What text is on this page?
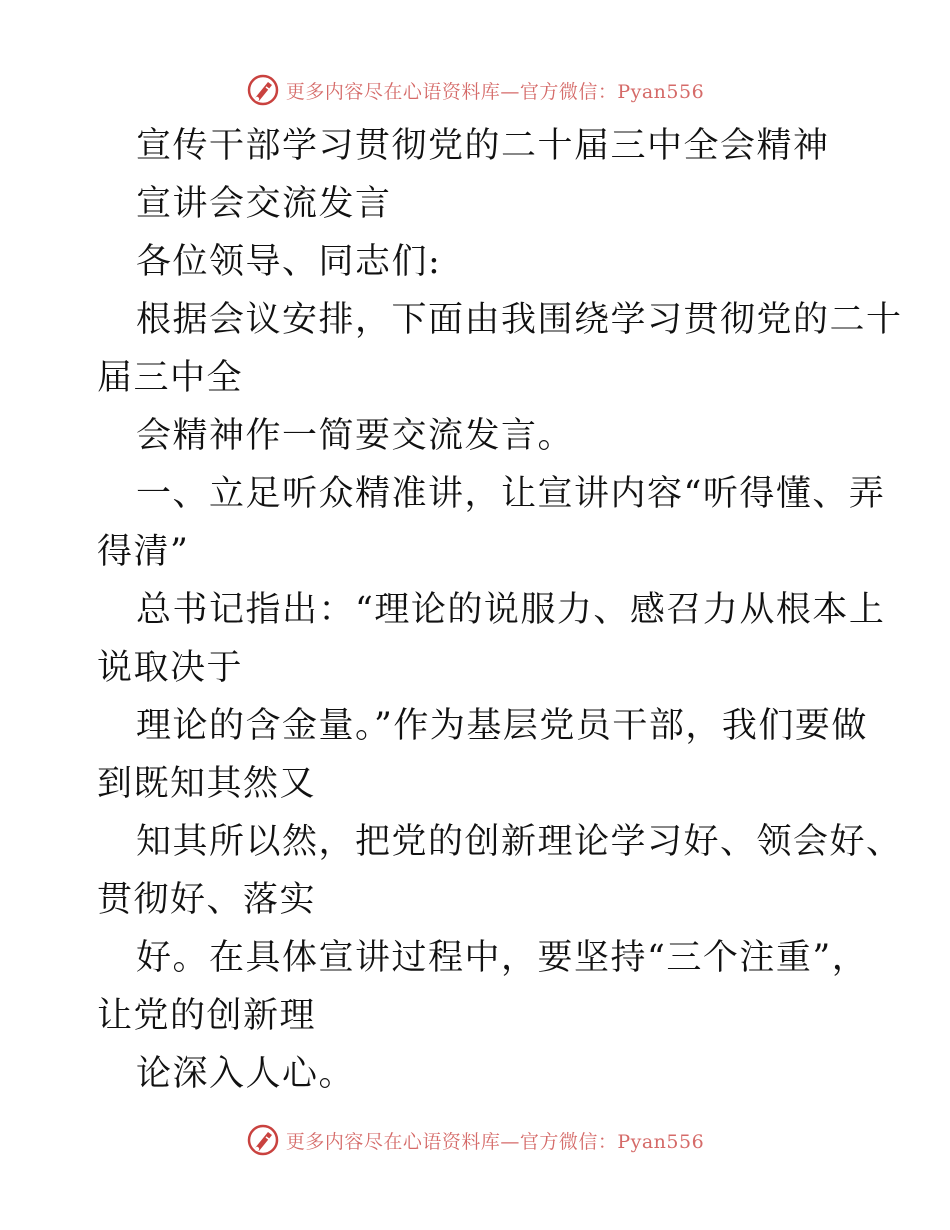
更多内容尽在心语资料库—官方微信：Pyan556
宣传干部学习贯彻党的二十届三中全会精神
宣讲会交流发言
各位领导、同志们:
根据会议安排，下面由我围绕学习贯彻党的二十
届三中全
会精神作一简要交流发言。
一、立足听众精准讲，让宣讲内容“听得懂、弄
得清”
总书记指出：“理论的说服力、感召力从根本上
说取决于
理论的含金量。”作为基层党员干部，我们要做
到既知其然又
知其所以然，把党的创新理论学习好、领会好、
贯彻好、落实
好。在具体宣讲过程中，要坚持“三个注重”，
让党的创新理
论深入人心。
更多内容尽在心语资料库—官方微信：Pyan556
